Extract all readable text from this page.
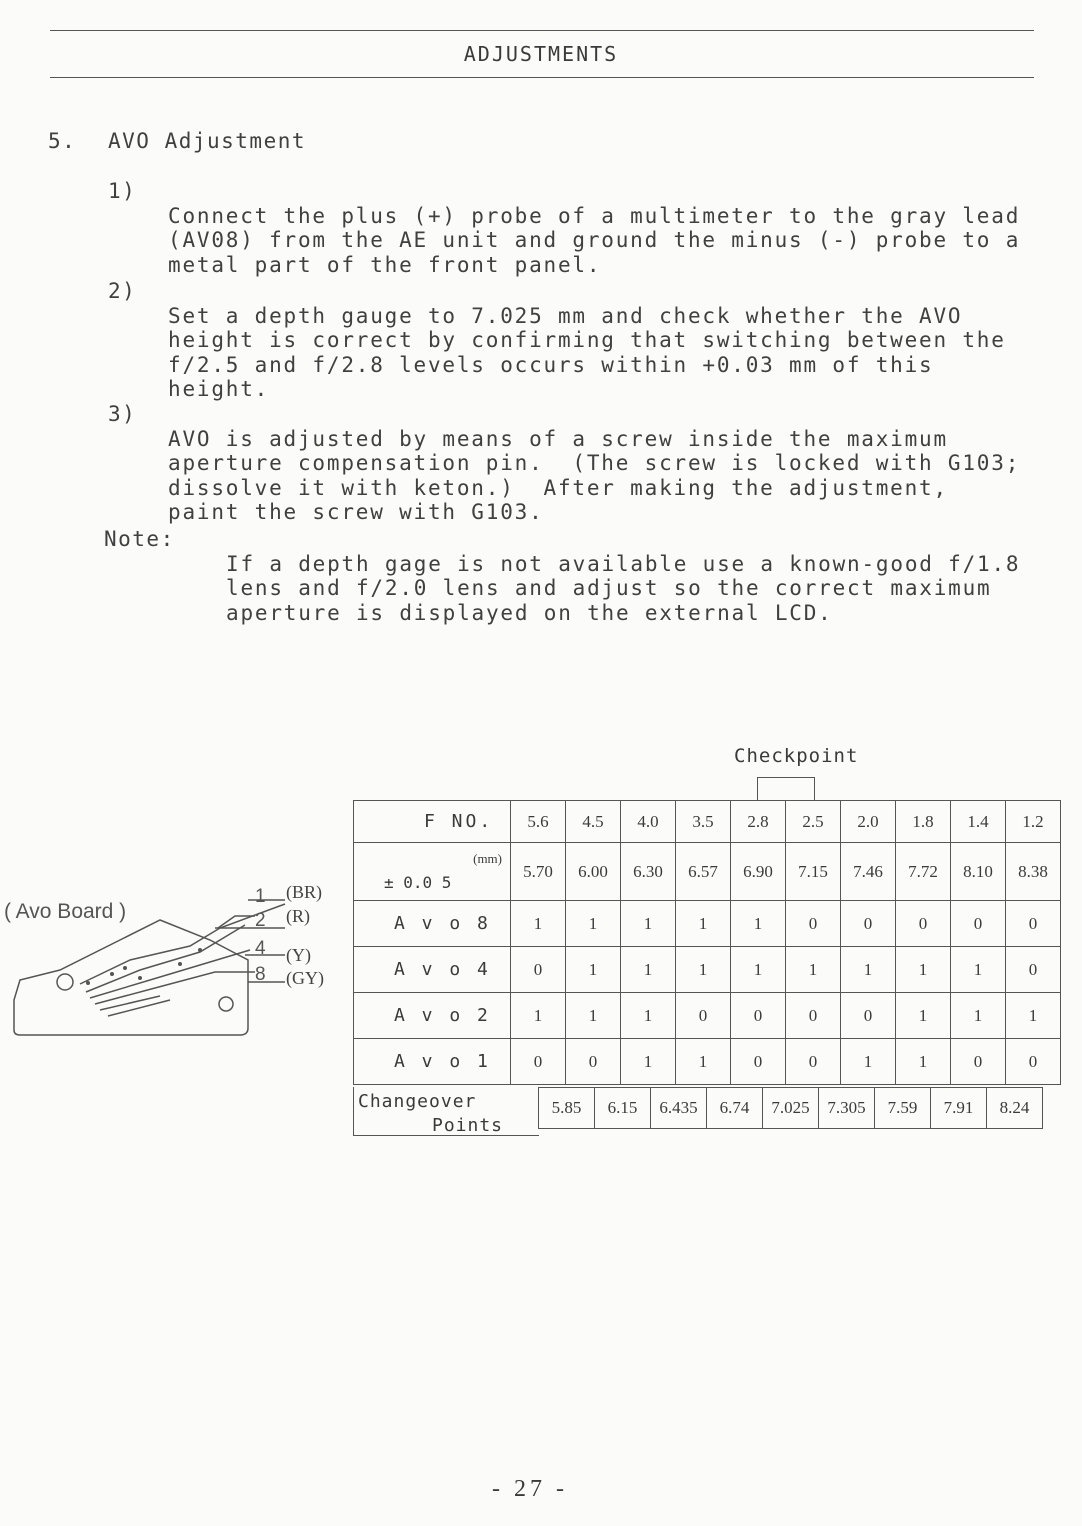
ADJUSTMENTS
5. AVO Adjustment
1)

Connect the plus (+) probe of a multimeter to the gray lead
(AV08) from the AE unit and ground the minus (-) probe to a
metal part of the front panel.
2)

Set a depth gauge to 7.025 mm and check whether the AVO
height is correct by confirming that switching between the
f/2.5 and f/2.8 levels occurs within +0.03 mm of this
height.
3)

AVO is adjusted by means of a screw inside the maximum
aperture compensation pin.  (The screw is locked with G103;
dissolve it with keton.)  After making the adjustment,
paint the screw with G103.
Note:

If a depth gage is not available use a known-good f/1.8
lens and f/2.0 lens and adjust so the correct maximum
aperture is displayed on the external LCD.
( Avo Board )
1
2
4
8
(BR)
(R)
(Y)
(GY)
Checkpoint
F NO.	5.6	4.5	4.0	3.5	2.8	2.5	2.0	1.8	1.4	1.2

(mm)
± 0.0 5	5.70	6.00	6.30	6.57	6.90	7.15	7.46	7.72	8.10	8.38
A v o 8	1	1	1	1	1	0	0	0	0	0
A v o 4	0	1	1	1	1	1	1	1	1	0
A v o 2	1	1	1	0	0	0	0	1	1	1
A v o 1	0	0	1	1	0	0	1	1	0	0
Changeover
Points
5.85	6.15	6.435	6.74	7.025	7.305	7.59	7.91	8.24
- 27 -
